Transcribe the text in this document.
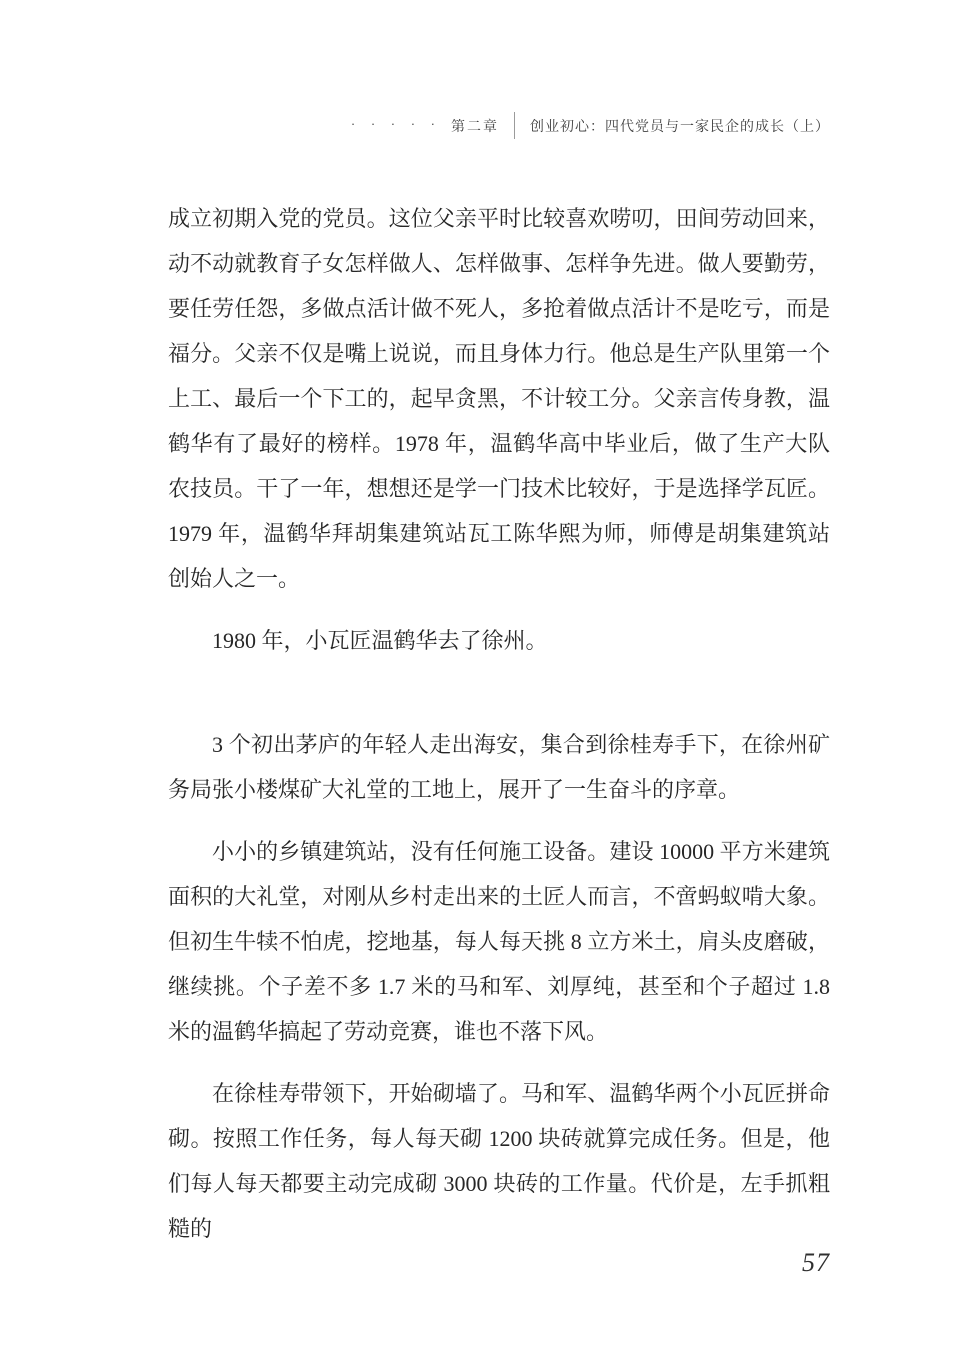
· · · · · 第二章 创业初心：四代党员与一家民企的成长（上）

成立初期入党的党员。这位父亲平时比较喜欢唠叨，田间劳动回来，动不动就教育子女怎样做人、怎样做事、怎样争先进。做人要勤劳，要任劳任怨，多做点活计做不死人，多抢着做点活计不是吃亏，而是福分。父亲不仅是嘴上说说，而且身体力行。他总是生产队里第一个上工、最后一个下工的，起早贪黑，不计较工分。父亲言传身教，温鹤华有了最好的榜样。1978 年，温鹤华高中毕业后，做了生产大队农技员。干了一年，想想还是学一门技术比较好，于是选择学瓦匠。1979 年，温鹤华拜胡集建筑站瓦工陈华熙为师，师傅是胡集建筑站创始人之一。

1980 年，小瓦匠温鹤华去了徐州。

3 个初出茅庐的年轻人走出海安，集合到徐桂寿手下，在徐州矿务局张小楼煤矿大礼堂的工地上，展开了一生奋斗的序章。

小小的乡镇建筑站，没有任何施工设备。建设 10000 平方米建筑面积的大礼堂，对刚从乡村走出来的土匠人而言，不啻蚂蚁啃大象。但初生牛犊不怕虎，挖地基，每人每天挑 8 立方米土，肩头皮磨破，继续挑。个子差不多 1.7 米的马和军、刘厚纯，甚至和个子超过 1.8 米的温鹤华搞起了劳动竞赛，谁也不落下风。

在徐桂寿带领下，开始砌墙了。马和军、温鹤华两个小瓦匠拼命砌。按照工作任务，每人每天砌 1200 块砖就算完成任务。但是，他们每人每天都要主动完成砌 3000 块砖的工作量。代价是，左手抓粗糙的

57
